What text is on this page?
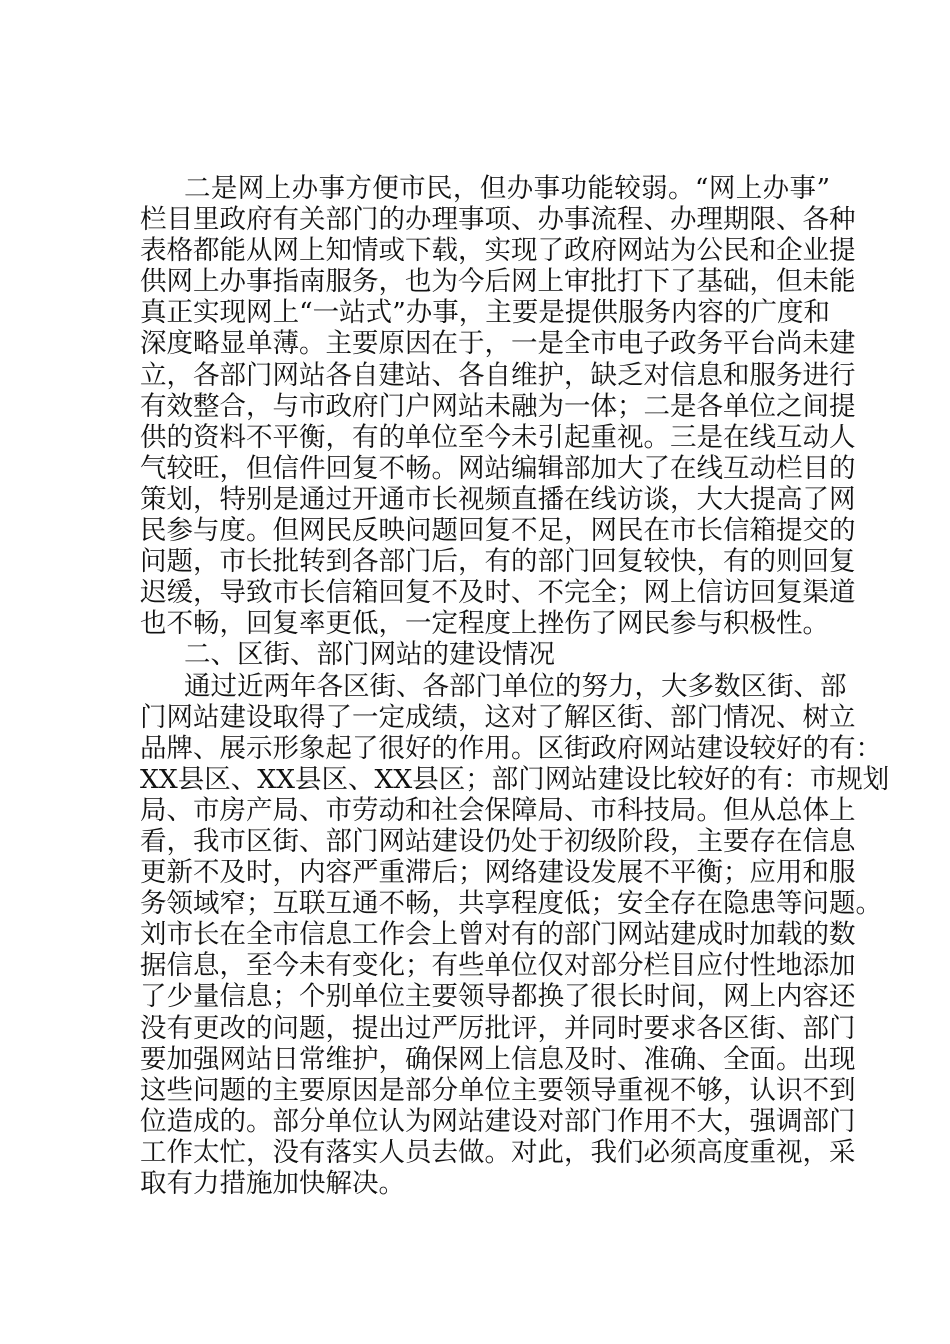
二是网上办事方便市民，但办事功能较弱。“网上办事”
栏目里政府有关部门的办理事项、办事流程、办理期限、各种
表格都能从网上知情或下载，实现了政府网站为公民和企业提
供网上办事指南服务，也为今后网上审批打下了基础，但未能
真正实现网上“一站式”办事，主要是提供服务内容的广度和
深度略显单薄。主要原因在于，一是全市电子政务平台尚未建
立，各部门网站各自建站、各自维护，缺乏对信息和服务进行
有效整合，与市政府门户网站未融为一体；二是各单位之间提
供的资料不平衡，有的单位至今未引起重视。三是在线互动人
气较旺，但信件回复不畅。网站编辑部加大了在线互动栏目的
策划，特别是通过开通市长视频直播在线访谈，大大提高了网
民参与度。但网民反映问题回复不足，网民在市长信箱提交的
问题，市长批转到各部门后，有的部门回复较快，有的则回复
迟缓，导致市长信箱回复不及时、不完全；网上信访回复渠道
也不畅，回复率更低，一定程度上挫伤了网民参与积极性。
二、区街、部门网站的建设情况
通过近两年各区街、各部门单位的努力，大多数区街、部
门网站建设取得了一定成绩，这对了解区街、部门情况、树立
品牌、展示形象起了很好的作用。区街政府网站建设较好的有：
XX县区、XX县区、XX县区；部门网站建设比较好的有：市规划
局、市房产局、市劳动和社会保障局、市科技局。但从总体上
看，我市区街、部门网站建设仍处于初级阶段，主要存在信息
更新不及时，内容严重滞后；网络建设发展不平衡；应用和服
务领域窄；互联互通不畅，共享程度低；安全存在隐患等问题。
刘市长在全市信息工作会上曾对有的部门网站建成时加载的数
据信息，至今未有变化；有些单位仅对部分栏目应付性地添加
了少量信息；个别单位主要领导都换了很长时间，网上内容还
没有更改的问题，提出过严厉批评，并同时要求各区街、部门
要加强网站日常维护，确保网上信息及时、准确、全面。出现
这些问题的主要原因是部分单位主要领导重视不够，认识不到
位造成的。部分单位认为网站建设对部门作用不大，强调部门
工作太忙，没有落实人员去做。对此，我们必须高度重视，采
取有力措施加快解决。
